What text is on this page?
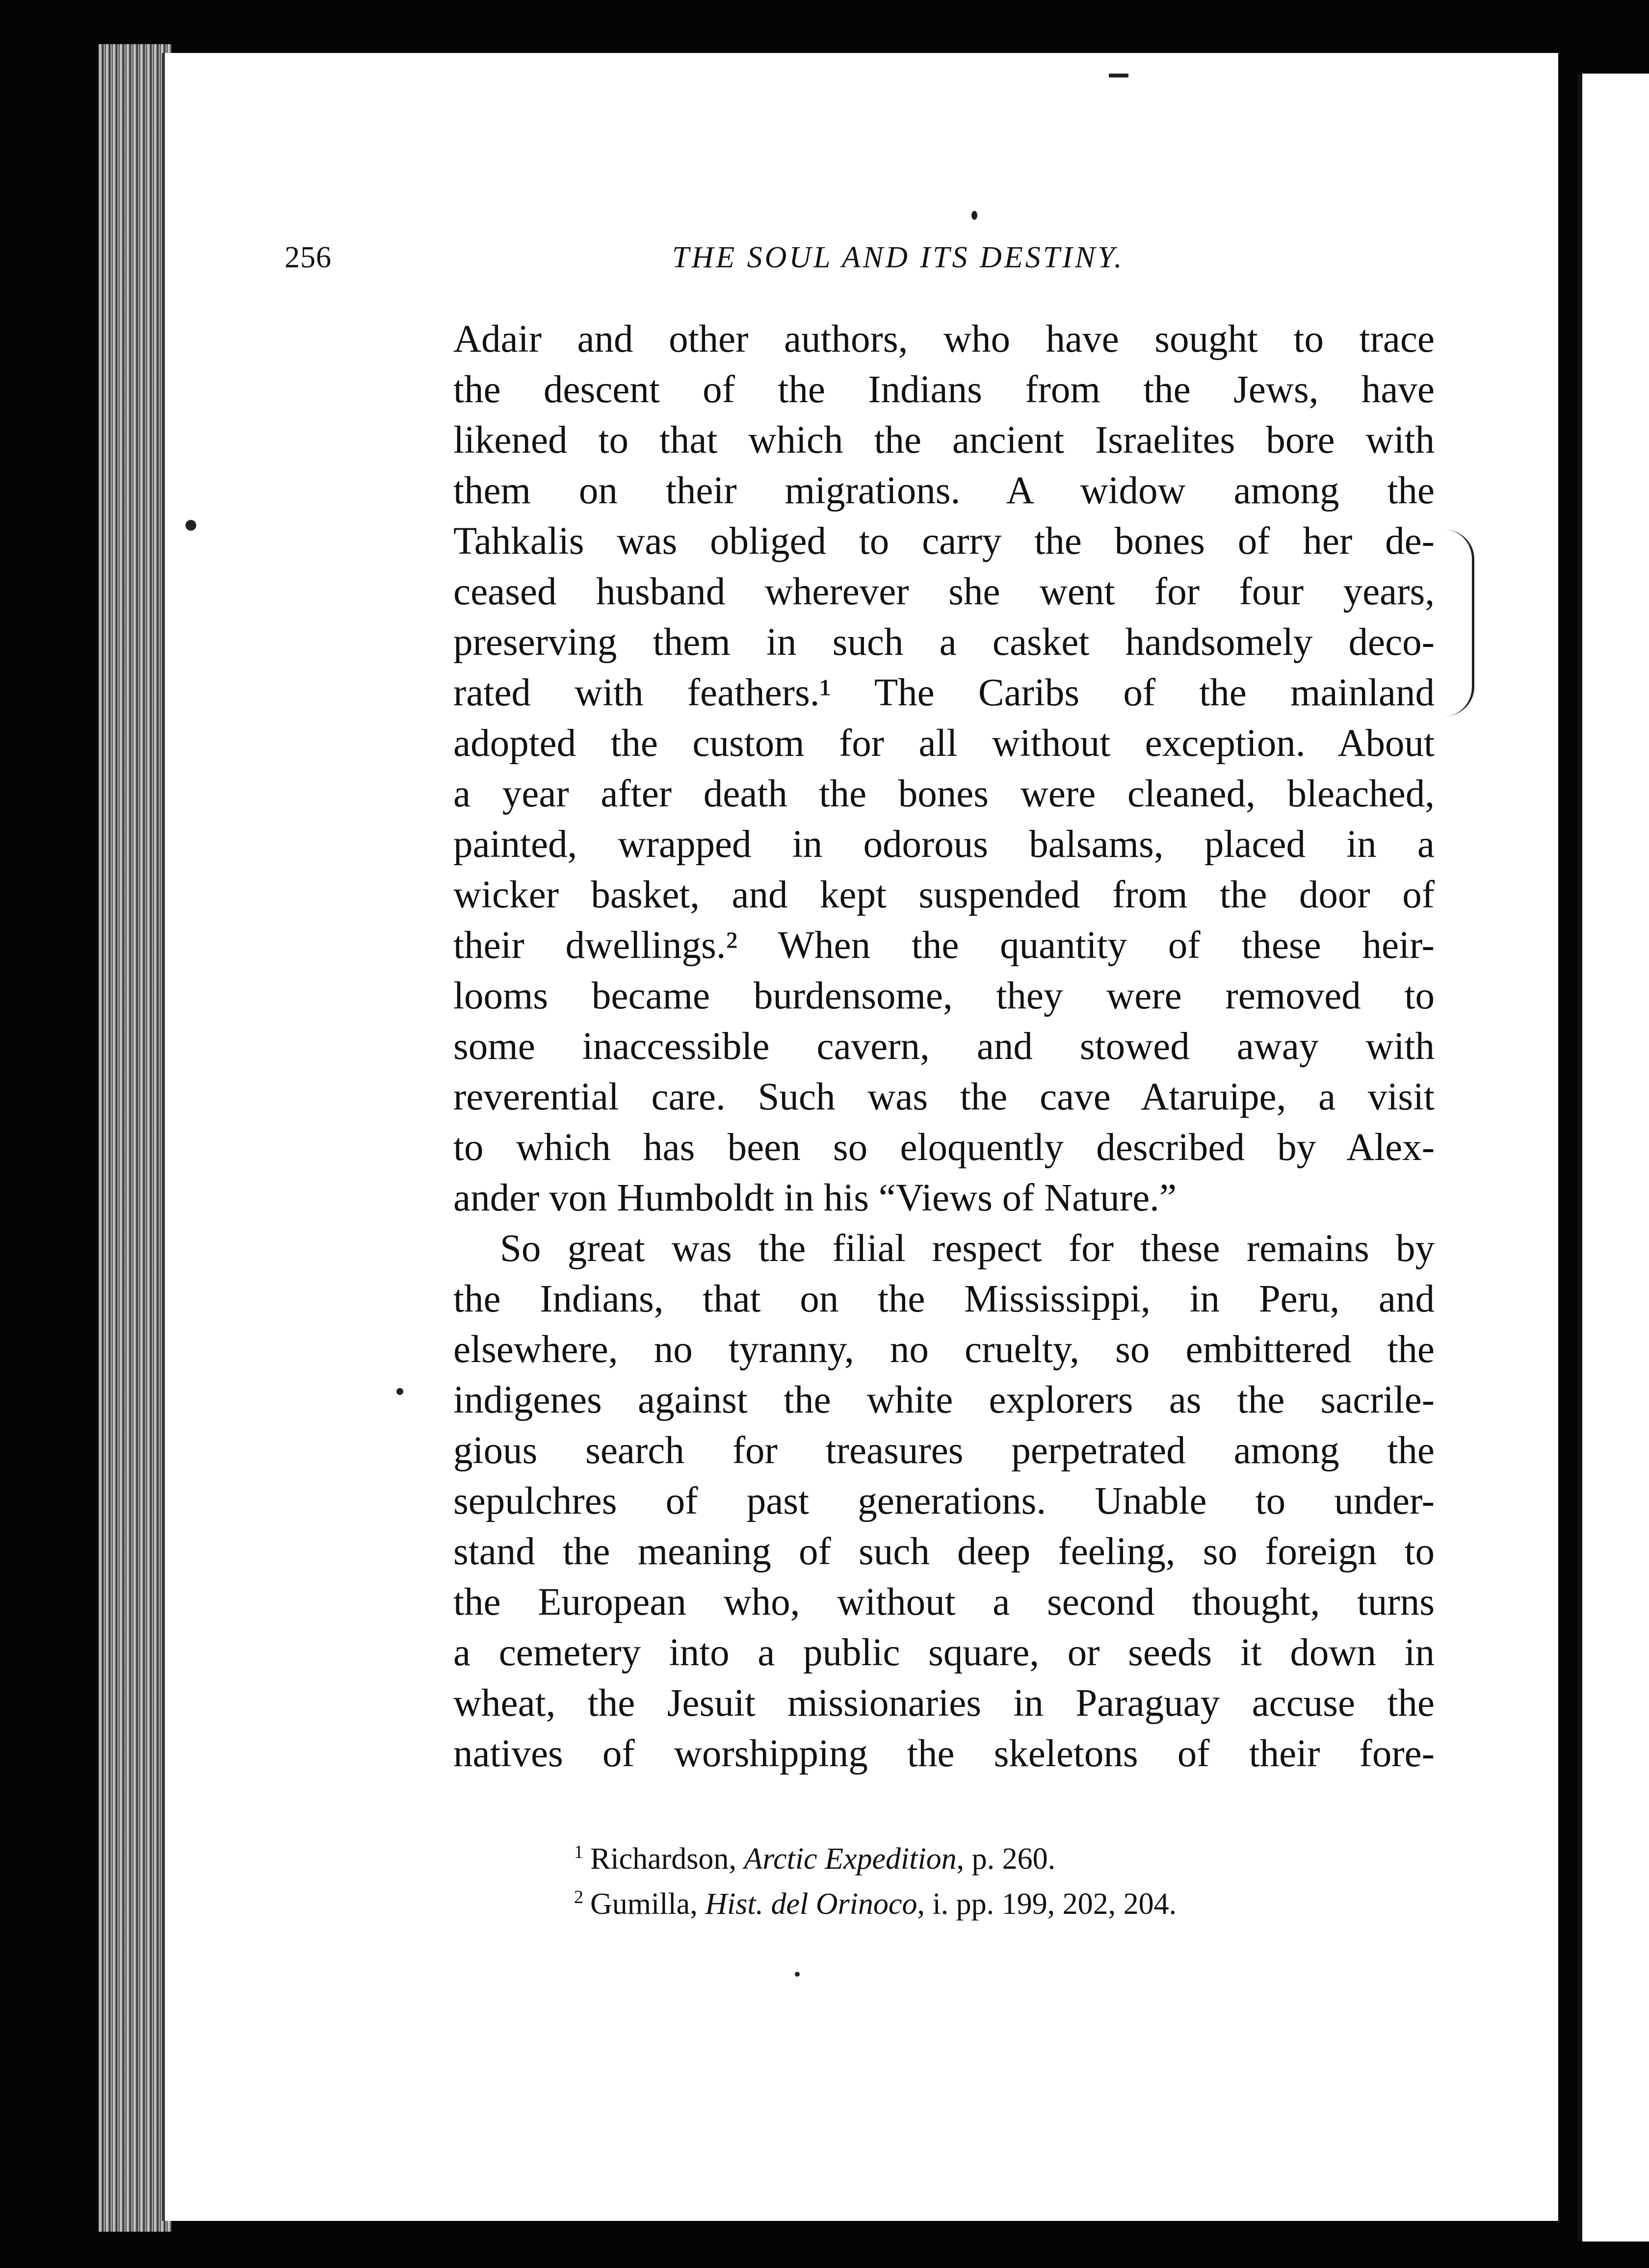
256	THE SOUL AND ITS DESTINY.
Adair and other authors, who have sought to trace
the descent of the Indians from the Jews, have
likened to that which the ancient Israelites bore with
them on their migrations. A widow among the
Tahkalis was obliged to carry the bones of her de-
ceased husband wherever she went for four years,
preserving them in such a casket handsomely deco-
rated with feathers.¹ The Caribs of the mainland
adopted the custom for all without exception. About
a year after death the bones were cleaned, bleached,
painted, wrapped in odorous balsams, placed in a
wicker basket, and kept suspended from the door of
their dwellings.² When the quantity of these heir-
looms became burdensome, they were removed to
some inaccessible cavern, and stowed away with
reverential care. Such was the cave Ataruipe, a visit
to which has been so eloquently described by Alex-
ander von Humboldt in his “Views of Nature.”
So great was the filial respect for these remains by
the Indians, that on the Mississippi, in Peru, and
elsewhere, no tyranny, no cruelty, so embittered the
indigenes against the white explorers as the sacrile-
gious search for treasures perpetrated among the
sepulchres of past generations. Unable to under-
stand the meaning of such deep feeling, so foreign to
the European who, without a second thought, turns
a cemetery into a public square, or seeds it down in
wheat, the Jesuit missionaries in Paraguay accuse the
natives of worshipping the skeletons of their fore-
$^1$ Richardson, Arctic Expedition, p. 260.
$^2$ Gumilla, Hist. del Orinoco, i. pp. 199, 202, 204.
